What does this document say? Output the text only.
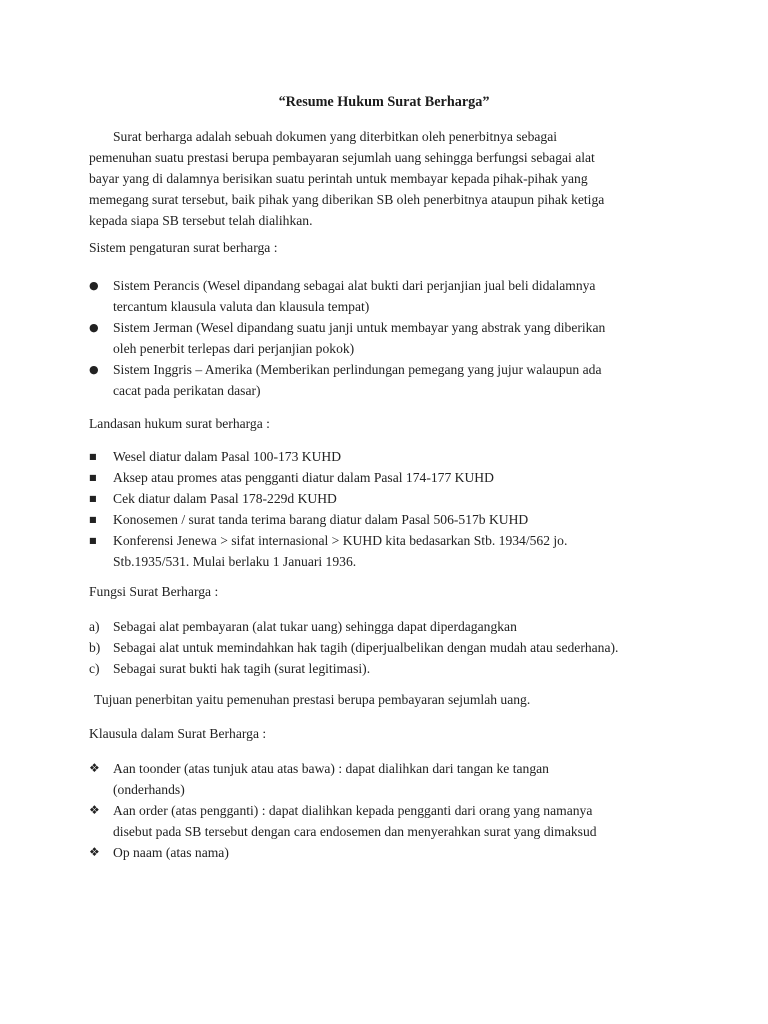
“Resume Hukum Surat Berharga”
Surat berharga adalah sebuah dokumen yang diterbitkan oleh penerbitnya sebagai
pemenuhan suatu prestasi berupa pembayaran sejumlah uang sehingga berfungsi sebagai alat
bayar yang di dalamnya berisikan suatu perintah untuk membayar kepada pihak-pihak yang
memegang surat tersebut, baik pihak yang diberikan SB oleh penerbitnya ataupun pihak ketiga
kepada siapa SB tersebut telah dialihkan.
Sistem pengaturan surat berharga :
●	Sistem Perancis (Wesel dipandang sebagai alat bukti dari perjanjian jual beli didalamnya
tercantum klausula valuta dan klausula tempat)
●	Sistem Jerman (Wesel dipandang suatu janji untuk membayar yang abstrak yang diberikan
oleh penerbit terlepas dari perjanjian pokok)
●	Sistem Inggris – Amerika (Memberikan perlindungan pemegang yang jujur walaupun ada
cacat pada perikatan dasar)
Landasan hukum surat berharga :
■	Wesel diatur dalam Pasal 100-173 KUHD
■	Aksep atau promes atas pengganti diatur dalam Pasal 174-177 KUHD
■	Cek diatur dalam Pasal 178-229d KUHD
■	Konosemen / surat tanda terima barang diatur dalam Pasal 506-517b KUHD
■	Konferensi Jenewa > sifat internasional > KUHD kita bedasarkan Stb. 1934/562 jo.
Stb.1935/531. Mulai berlaku 1 Januari 1936.
Fungsi Surat Berharga :
a) Sebagai alat pembayaran (alat tukar uang) sehingga dapat diperdagangkan
b) Sebagai alat untuk memindahkan hak tagih (diperjualbelikan dengan mudah atau sederhana).
c) Sebagai surat bukti hak tagih (surat legitimasi).
Tujuan penerbitan yaitu pemenuhan prestasi berupa pembayaran sejumlah uang.
Klausula dalam Surat Berharga :
❖ Aan toonder (atas tunjuk atau atas bawa) : dapat dialihkan dari tangan ke tangan
(onderhands)
❖ Aan order (atas pengganti) : dapat dialihkan kepada pengganti dari orang yang namanya
disebut pada SB tersebut dengan cara endosemen dan menyerahkan surat yang dimaksud
❖ Op naam (atas nama)
